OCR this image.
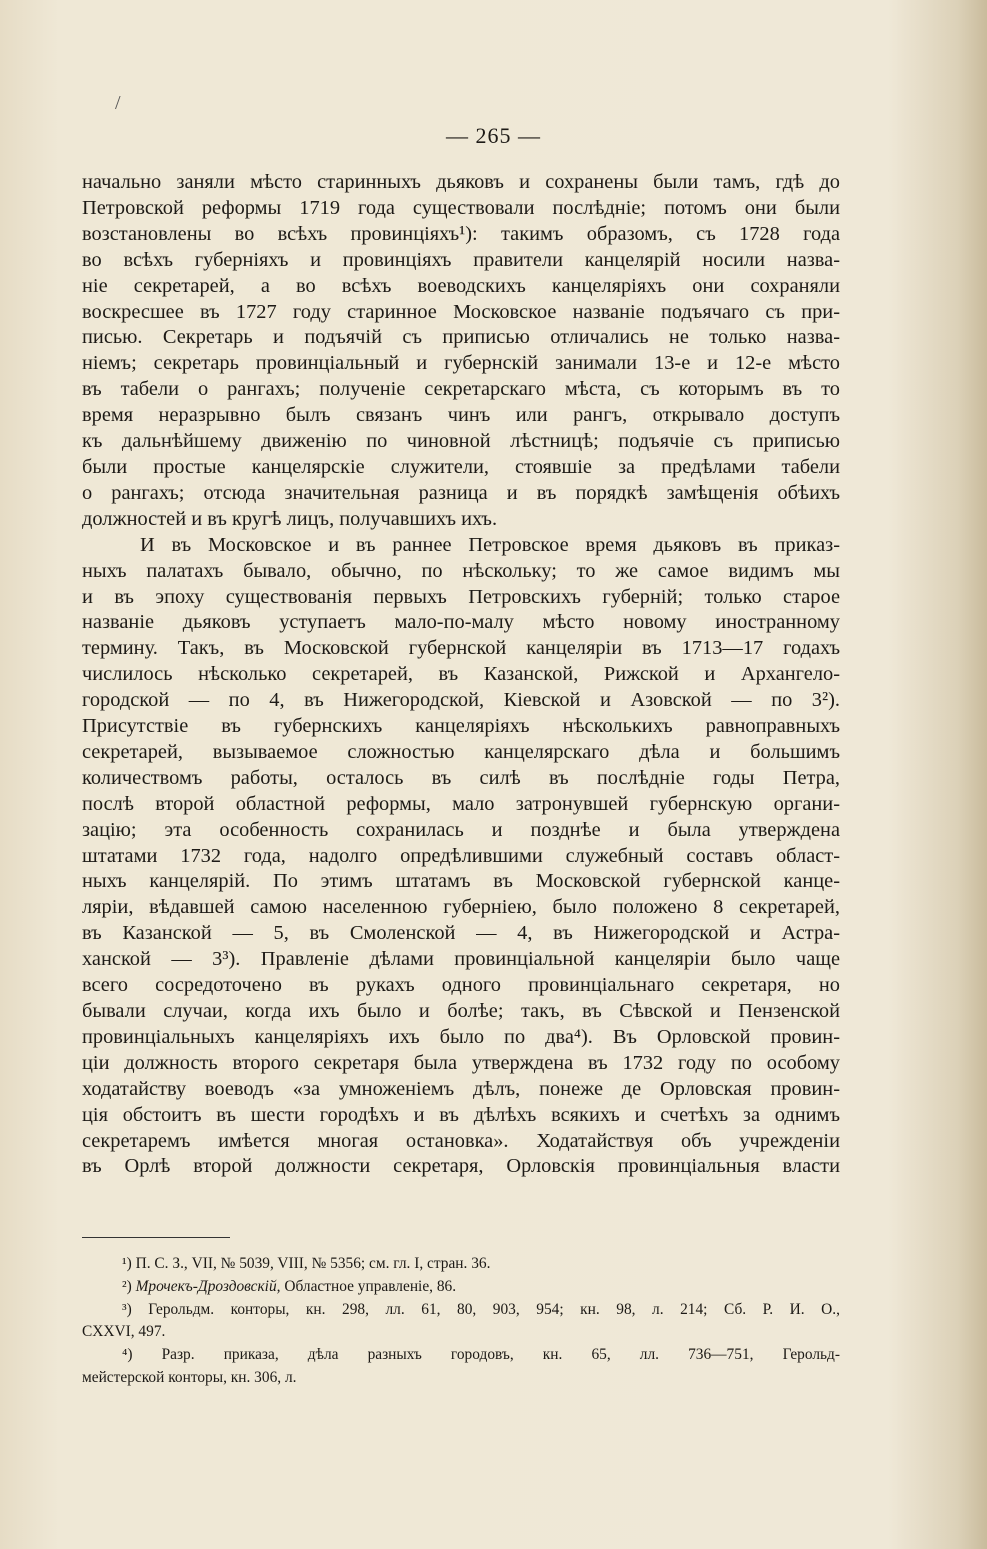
/
— 265 —
начально заняли мѣсто старинныхъ дьяковъ и сохранены были тамъ, гдѣ до
Петровской реформы 1719 года существовали послѣдніе; потомъ они были
возстановлены во всѣхъ провинціяхъ¹): такимъ образомъ, съ 1728 года
во всѣхъ губерніяхъ и провинціяхъ правители канцелярій носили назва-
ніе секретарей, а во всѣхъ воеводскихъ канцеляріяхъ они сохраняли
воскресшее въ 1727 году старинное Московское названіе подъячаго съ при-
писью. Секретарь и подъячій съ приписью отличались не только назва-
ніемъ; секретарь провинціальный и губернскій занимали 13-е и 12-е мѣсто
въ табели о рангахъ; полученіе секретарскаго мѣста, съ которымъ въ то
время неразрывно былъ связанъ чинъ или рангъ, открывало доступъ
къ дальнѣйшему движенію по чиновной лѣстницѣ; подъячіе съ приписью
были простые канцелярскіе служители, стоявшіе за предѣлами табели
о рангахъ; отсюда значительная разница и въ порядкѣ замѣщенія обѣихъ
должностей и въ кругѣ лицъ, получавшихъ ихъ.
И въ Московское и въ раннее Петровское время дьяковъ въ приказ-
ныхъ палатахъ бывало, обычно, по нѣскольку; то же самое видимъ мы
и въ эпоху существованія первыхъ Петровскихъ губерній; только старое
названіе дьяковъ уступаетъ мало-по-малу мѣсто новому иностранному
термину. Такъ, въ Московской губернской канцеляріи въ 1713—17 годахъ
числилось нѣсколько секретарей, въ Казанской, Рижской и Архангело-
городской — по 4, въ Нижегородской, Кіевской и Азовской — по 3²).
Присутствіе въ губернскихъ канцеляріяхъ нѣсколькихъ равноправныхъ
секретарей, вызываемое сложностью канцелярскаго дѣла и большимъ
количествомъ работы, осталось въ силѣ въ послѣдніе годы Петра,
послѣ второй областной реформы, мало затронувшей губернскую органи-
зацію; эта особенность сохранилась и позднѣе и была утверждена
штатами 1732 года, надолго опредѣлившими служебный составъ област-
ныхъ канцелярій. По этимъ штатамъ въ Московской губернской канце-
ляріи, вѣдавшей самою населенною губерніею, было положено 8 секретарей,
въ Казанской — 5, въ Смоленской — 4, въ Нижегородской и Астра-
ханской — 3³). Правленіе дѣлами провинціальной канцеляріи было чаще
всего сосредоточено въ рукахъ одного провинціальнаго секретаря, но
бывали случаи, когда ихъ было и болѣе; такъ, въ Сѣвской и Пензенской
провинціальныхъ канцеляріяхъ ихъ было по два⁴). Въ Орловской провин-
ціи должность второго секретаря была утверждена въ 1732 году по особому
ходатайству воеводъ «за умноженіемъ дѣлъ, понеже де Орловская провин-
ція обстоитъ въ шести городѣхъ и въ дѣлѣхъ всякихъ и счетѣхъ за однимъ
секретаремъ имѣется многая остановка». Ходатайствуя объ учрежденіи
въ Орлѣ второй должности секретаря, Орловскія провинціальныя власти
¹) П. С. З., VII, № 5039, VIII, № 5356; см. гл. I, стран. 36.
²) Мрочекъ-Дроздовскій, Областное управленіе, 86.
³) Герольдм. конторы, кн. 298, лл. 61, 80, 903, 954; кн. 98, л. 214; Сб. Р. И. О.,
CXXVI, 497.
⁴) Разр. приказа, дѣла разныхъ городовъ, кн. 65, лл. 736—751, Герольд-
мейстерской конторы, кн. 306, л.
